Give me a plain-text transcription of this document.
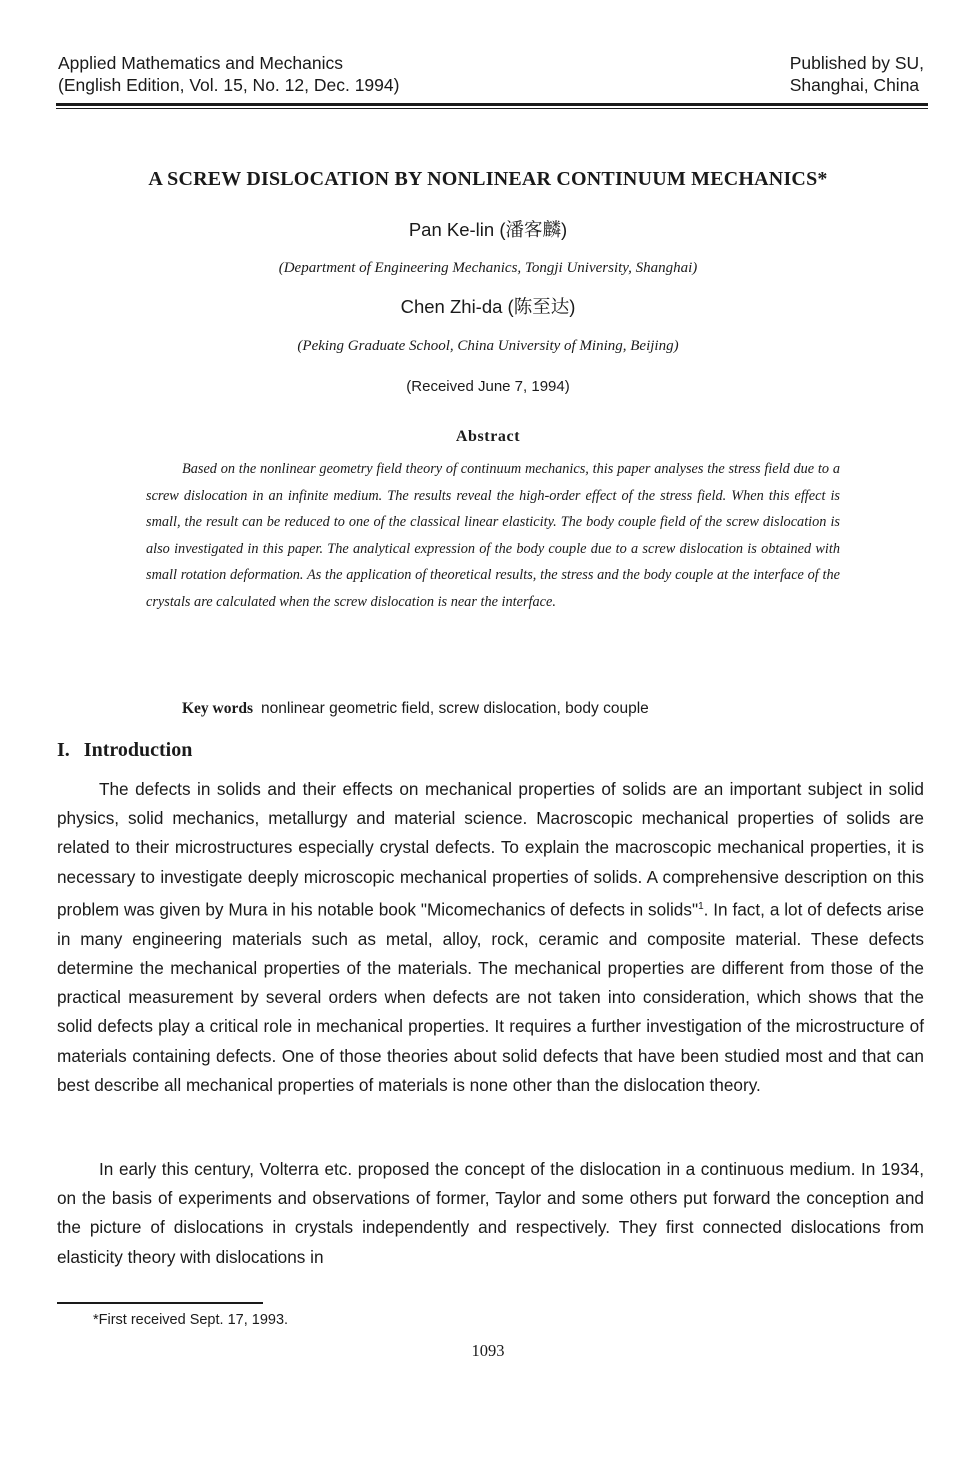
Applied Mathematics and Mechanics
(English Edition, Vol. 15, No. 12, Dec. 1994)
Published by SU,
Shanghai, China
A SCREW DISLOCATION BY NONLINEAR CONTINUUM MECHANICS*
Pan Ke-lin (潘客麟)
(Department of Engineering Mechanics, Tongji University, Shanghai)
Chen Zhi-da (陈至达)
(Peking Graduate School, China University of Mining, Beijing)
(Received June 7, 1994)
Abstract

Based on the nonlinear geometry field theory of continuum mechanics, this paper analyses the stress field due to a screw dislocation in an infinite medium. The results reveal the high-order effect of the stress field. When this effect is small, the result can be reduced to one of the classical linear elasticity. The body couple field of the screw dislocation is also investigated in this paper. The analytical expression of the body couple due to a screw dislocation is obtained with small rotation deformation. As the application of theoretical results, the stress and the body couple at the interface of the crystals are calculated when the screw dislocation is near the interface.

Key words nonlinear geometric field, screw dislocation, body couple
I. Introduction

The defects in solids and their effects on mechanical properties of solids are an important subject in solid physics, solid mechanics, metallurgy and material science. Macroscopic mechanical properties of solids are related to their microstructures especially crystal defects. To explain the macroscopic mechanical properties, it is necessary to investigate deeply microscopic mechanical properties of solids. A comprehensive description on this problem was given by Mura in his notable book "Micomechanics of defects in solids"$^1$. In fact, a lot of defects arise in many engineering materials such as metal, alloy, rock, ceramic and composite material. These defects determine the mechanical properties of the materials. The mechanical properties are different from those of the practical measurement by several orders when defects are not taken into consideration, which shows that the solid defects play a critical role in mechanical properties. It requires a further investigation of the microstructure of materials containing defects. One of those theories about solid defects that have been studied most and that can best describe all mechanical properties of materials is none other than the dislocation theory.

In early this century, Volterra etc. proposed the concept of the dislocation in a continuous medium. In 1934, on the basis of experiments and observations of former, Taylor and some others put forward the conception and the picture of dislocations in crystals independently and respectively. They first connected dislocations from elasticity theory with dislocations in

*First received Sept. 17, 1993.
1093
